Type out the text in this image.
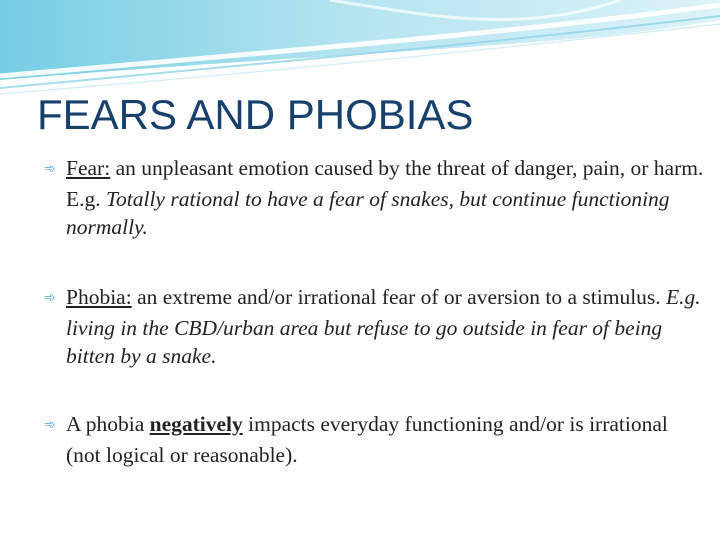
FEARS AND PHOBIAS

➾ Fear: an unpleasant emotion caused by the threat of danger, pain, or harm. E.g. Totally rational to have a fear of snakes, but continue functioning normally.

➾ Phobia: an extreme and/or irrational fear of or aversion to a stimulus. E.g. living in the CBD/urban area but refuse to go outside in fear of being bitten by a snake.

➾ A phobia negatively impacts everyday functioning and/or is irrational (not logical or reasonable).
